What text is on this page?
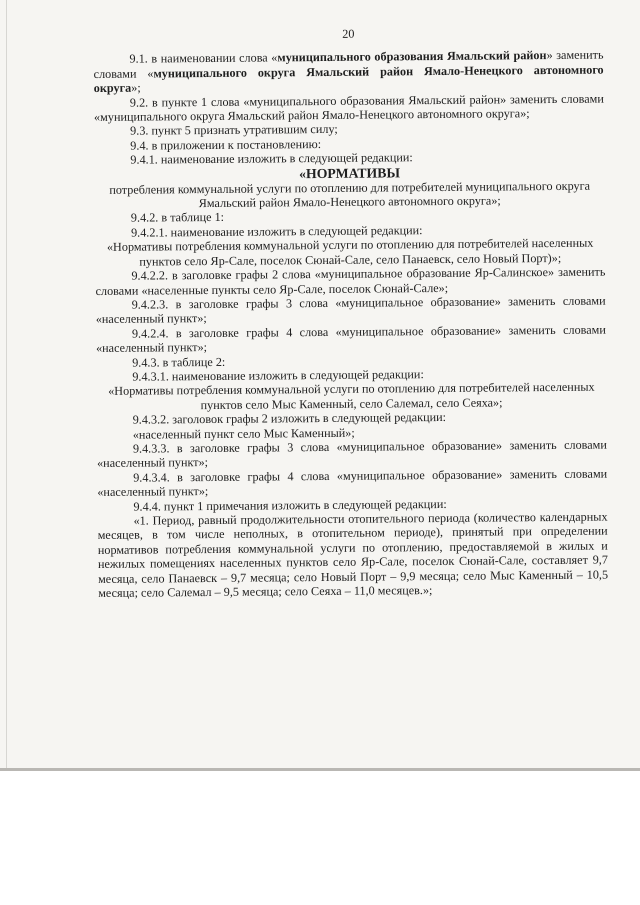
20

9.1. в наименовании слова «муниципального образования Ямальский район» заменить словами «муниципального округа Ямальский район Ямало-Ненецкого автономного округа»;

9.2. в пункте 1 слова «муниципального образования Ямальский район» заменить словами «муниципального округа Ямальский район Ямало-Ненецкого автономного округа»;

9.3. пункт 5 признать утратившим силу;

9.4. в приложении к постановлению:

9.4.1. наименование изложить в следующей редакции:

«НОРМАТИВЫ

потребления коммунальной услуги по отоплению для потребителей муниципального округа Ямальский район Ямало-Ненецкого автономного округа»;

9.4.2. в таблице 1:

9.4.2.1. наименование изложить в следующей редакции:

«Нормативы потребления коммунальной услуги по отоплению для потребителей населенных пунктов село Яр-Сале, поселок Сюнай-Сале, село Панаевск, село Новый Порт)»;

9.4.2.2. в заголовке графы 2 слова «муниципальное образование Яр-Салинское» заменить словами «населенные пункты село Яр-Сале, поселок Сюнай-Сале»;

9.4.2.3. в заголовке графы 3 слова «муниципальное образование» заменить словами «населенный пункт»;

9.4.2.4. в заголовке графы 4 слова «муниципальное образование» заменить словами «населенный пункт»;

9.4.3. в таблице 2:

9.4.3.1. наименование изложить в следующей редакции:

«Нормативы потребления коммунальной услуги по отоплению для потребителей населенных пунктов село Мыс Каменный, село Салемал, село Сеяха»;

9.4.3.2. заголовок графы 2 изложить в следующей редакции:

«населенный пункт село Мыс Каменный»;

9.4.3.3. в заголовке графы 3 слова «муниципальное образование» заменить словами «населенный пункт»;

9.4.3.4. в заголовке графы 4 слова «муниципальное образование» заменить словами «населенный пункт»;

9.4.4. пункт 1 примечания изложить в следующей редакции:

«1. Период, равный продолжительности отопительного периода (количество календарных месяцев, в том числе неполных, в отопительном периоде), принятый при определении нормативов потребления коммунальной услуги по отоплению, предоставляемой в жилых и нежилых помещениях населенных пунктов село Яр-Сале, поселок Сюнай-Сале, составляет 9,7 месяца, село Панаевск – 9,7 месяца; село Новый Порт – 9,9 месяца; село Мыс Каменный – 10,5 месяца; село Салемал – 9,5 месяца; село Сеяха – 11,0 месяцев.»;
